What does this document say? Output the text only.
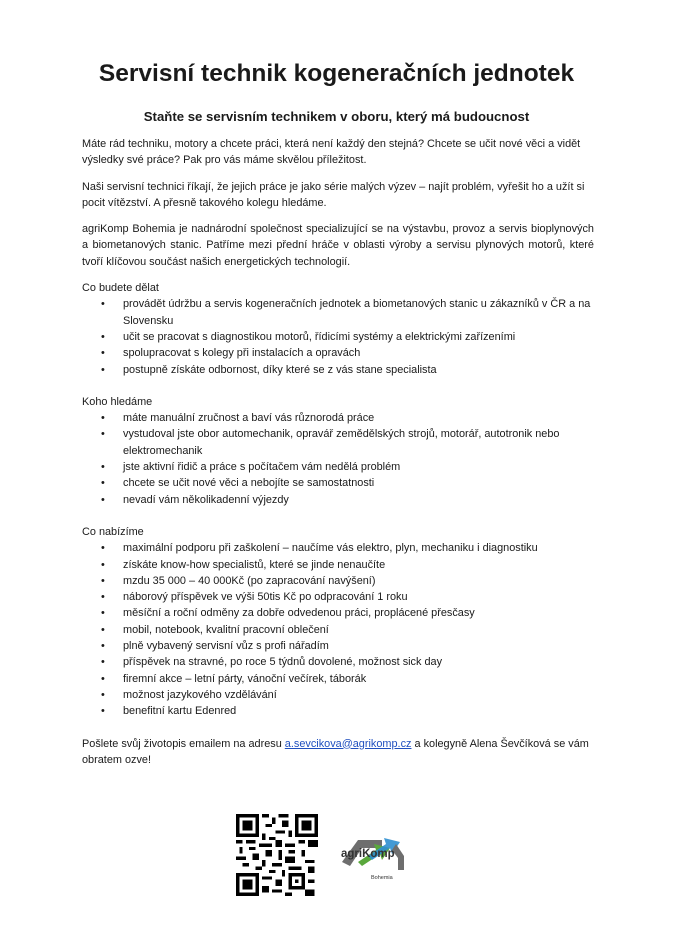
Servisní technik kogeneračních jednotek
Staňte se servisním technikem v oboru, který má budoucnost

Máte rád techniku, motory a chcete práci, která není každý den stejná? Chcete se učit nové věci a vidět výsledky své práce? Pak pro vás máme skvělou příležitost.

Naši servisní technici říkají, že jejich práce je jako série malých výzev – najít problém, vyřešit ho a užít si pocit vítězství. A přesně takového kolegu hledáme.

agriKomp Bohemia je nadnárodní společnost specializující se na výstavbu, provoz a servis bioplynových a biometanových stanic. Patříme mezi přední hráče v oblasti výroby a servisu plynových motorů, které tvoří klíčovou součást našich energetických technologií.

Co budete dělat
• provádět údržbu a servis kogeneračních jednotek a biometanových stanic u zákazníků v ČR a na Slovensku
• učit se pracovat s diagnostikou motorů, řídicími systémy a elektrickými zařízeními
• spolupracovat s kolegy při instalacích a opravách
• postupně získáte odbornost, díky které se z vás stane specialista
Koho hledáme
• máte manuální zručnost a baví vás různorodá práce
• vystudoval jste obor automechanik, opravář zemědělských strojů, motorář, autotronik nebo elektromechanik
• jste aktivní řidič a práce s počítačem vám nedělá problém
• chcete se učit nové věci a nebojíte se samostatnosti
• nevadí vám několikadenní výjezdy
Co nabízíme
• maximální podporu při zaškolení – naučíme vás elektro, plyn, mechaniku i diagnostiku
• získáte know-how specialistů, které se jinde nenaučíte
• mzdu 35 000 – 40 000Kč (po zapracování navýšení)
• náborový příspěvek ve výši 50tis Kč po odpracování 1 roku
• měsíční a roční odměny za dobře odvedenou práci, proplácené přesčasy
• mobil, notebook, kvalitní pracovní oblečení
• plně vybavený servisní vůz s profi nářadím
• příspěvek na stravné, po roce 5 týdnů dovolené, možnost sick day
• firemní akce – letní párty, vánoční večírek, táborák
• možnost jazykového vzdělávání
• benefitní kartu Edenred

Pošlete svůj životopis emailem na adresu a.sevcikova@agrikomp.cz a kolegyně Alena Ševčíková se vám obratem ozve!

agriKomp
Bohemia
